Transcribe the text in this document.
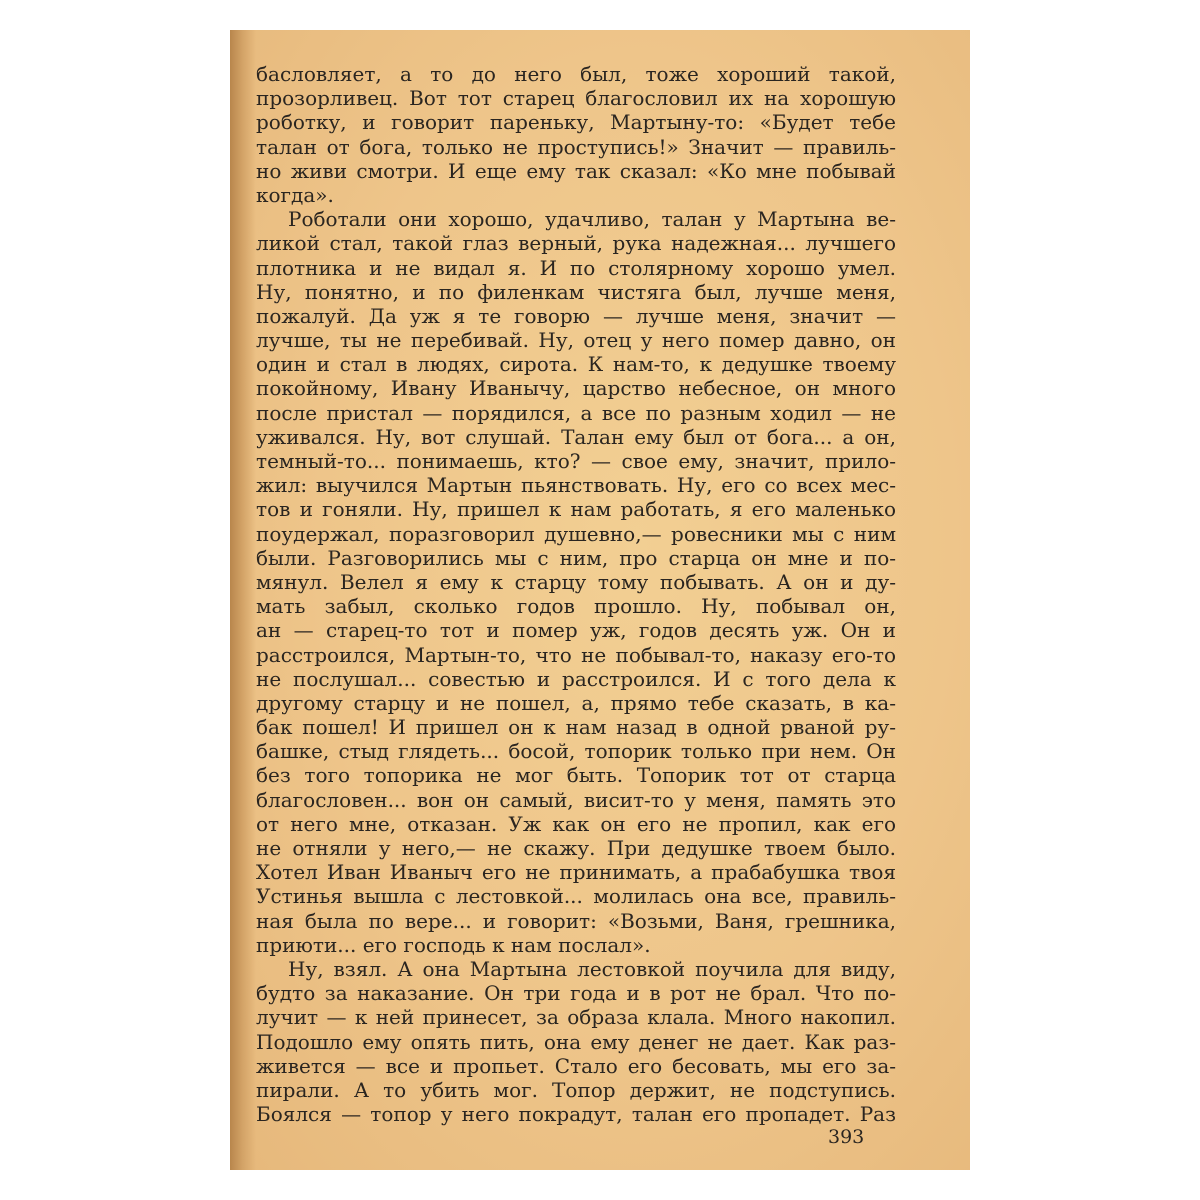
басловляет, а то до него был, тоже хороший такой,
прозорливец. Вот тот старец благословил их на хорошую
роботку, и говорит пареньку, Мартыну-то: «Будет тебе
талан от бога, только не проступись!» Значит — правиль-
но живи смотри. И еще ему так сказал: «Ко мне побывай
когда».
Роботали они хорошо, удачливо, талан у Мартына ве-
ликой стал, такой глаз верный, рука надежная... лучшего
плотника и не видал я. И по столярному хорошо умел.
Ну, понятно, и по филенкам чистяга был, лучше меня,
пожалуй. Да уж я те говорю — лучше меня, значит —
лучше, ты не перебивай. Ну, отец у него помер давно, он
один и стал в людях, сирота. К нам-то, к дедушке твоему
покойному, Ивану Иванычу, царство небесное, он много
после пристал — порядился, а все по разным ходил — не
уживался. Ну, вот слушай. Талан ему был от бога... а он,
темный-то... понимаешь, кто? — свое ему, значит, прило-
жил: выучился Мартын пьянствовать. Ну, его со всех мес-
тов и гоняли. Ну, пришел к нам работать, я его маленько
поудержал, поразговорил душевно,— ровесники мы с ним
были. Разговорились мы с ним, про старца он мне и по-
мянул. Велел я ему к старцу тому побывать. А он и ду-
мать забыл, сколько годов прошло. Ну, побывал он,
ан — старец-то тот и помер уж, годов десять уж. Он и
расстроился, Мартын-то, что не побывал-то, наказу его-то
не послушал... совестью и расстроился. И с того дела к
другому старцу и не пошел, а, прямо тебе сказать, в ка-
бак пошел! И пришел он к нам назад в одной рваной ру-
башке, стыд глядеть... босой, топорик только при нем. Он
без того топорика не мог быть. Топорик тот от старца
благословен... вон он самый, висит-то у меня, память это
от него мне, отказан. Уж как он его не пропил, как его
не отняли у него,— не скажу. При дедушке твоем было.
Хотел Иван Иваныч его не принимать, а прабабушка твоя
Устинья вышла с лестовкой... молилась она все, правиль-
ная была по вере... и говорит: «Возьми, Ваня, грешника,
приюти... его господь к нам послал».
Ну, взял. А она Мартына лестовкой поучила для виду,
будто за наказание. Он три года и в рот не брал. Что по-
лучит — к ней принесет, за образа клала. Много накопил.
Подошло ему опять пить, она ему денег не дает. Как раз-
живется — все и пропьет. Стало его бесовать, мы его за-
пирали. А то убить мог. Топор держит, не подступись.
Боялся — топор у него покрадут, талан его пропадет. Раз
393
